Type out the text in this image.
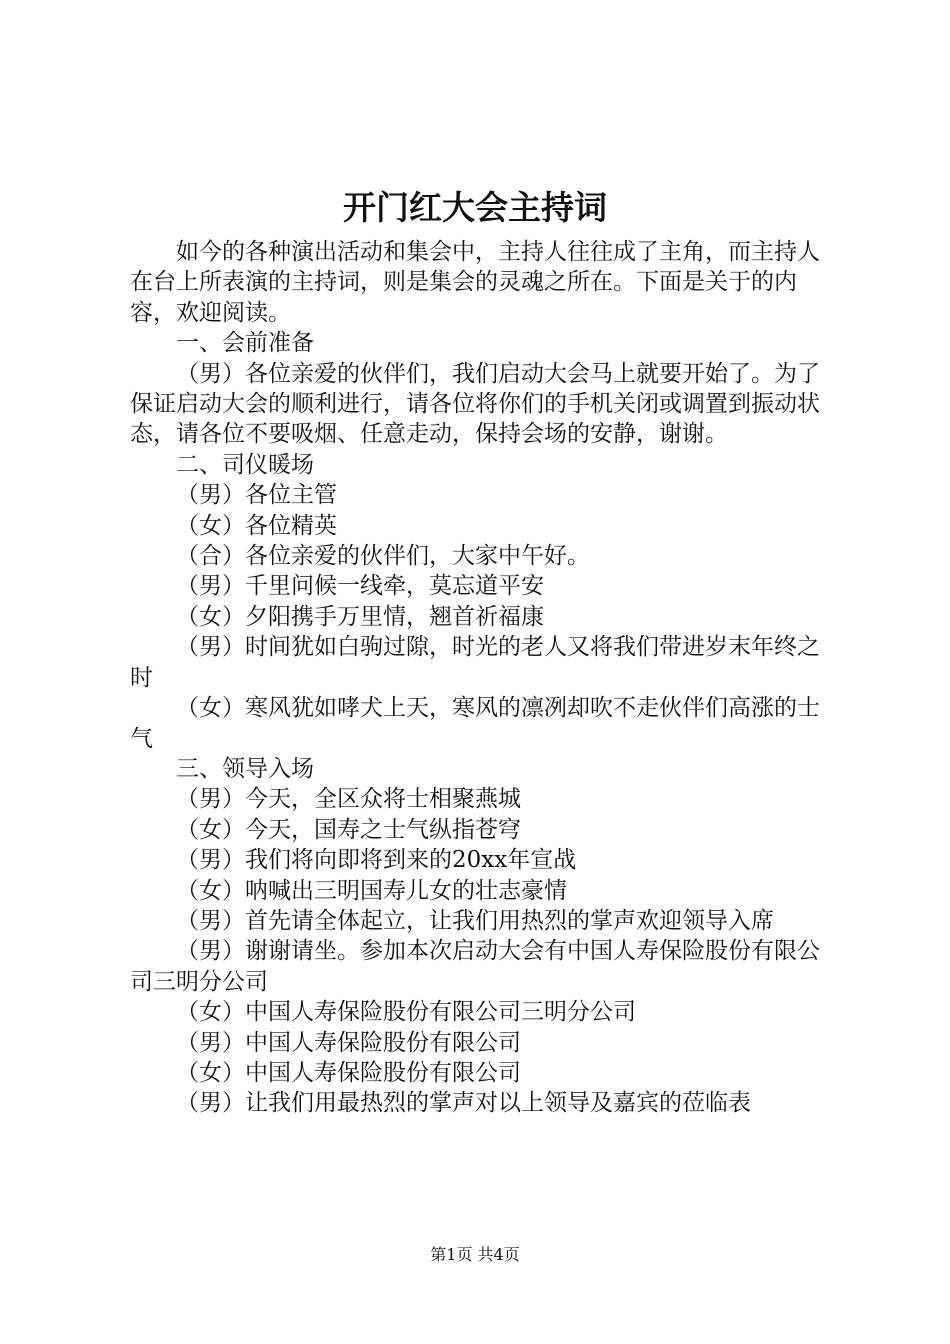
开门红大会主持词

如今的各种演出活动和集会中，主持人往往成了主角，而主持人在台上所表演的主持词，则是集会的灵魂之所在。下面是关于的内容，欢迎阅读。

一、会前准备

（男）各位亲爱的伙伴们，我们启动大会马上就要开始了。为了保证启动大会的顺利进行，请各位将你们的手机关闭或调置到振动状态，请各位不要吸烟、任意走动，保持会场的安静，谢谢。

二、司仪暖场

（男）各位主管

（女）各位精英

（合）各位亲爱的伙伴们，大家中午好。

（男）千里问候一线牵，莫忘道平安

（女）夕阳携手万里情，翘首祈福康

（男）时间犹如白驹过隙，时光的老人又将我们带进岁末年终之时

（女）寒风犹如哮犬上天，寒风的凛冽却吹不走伙伴们高涨的士气

三、领导入场

（男）今天，全区众将士相聚燕城

（女）今天，国寿之士气纵指苍穹

（男）我们将向即将到来的20xx年宣战

（女）呐喊出三明国寿儿女的壮志豪情

（男）首先请全体起立，让我们用热烈的掌声欢迎领导入席

（男）谢谢请坐。参加本次启动大会有中国人寿保险股份有限公司三明分公司

（女）中国人寿保险股份有限公司三明分公司

（男）中国人寿保险股份有限公司

（女）中国人寿保险股份有限公司

（男）让我们用最热烈的掌声对以上领导及嘉宾的莅临表

第1页 共4页
